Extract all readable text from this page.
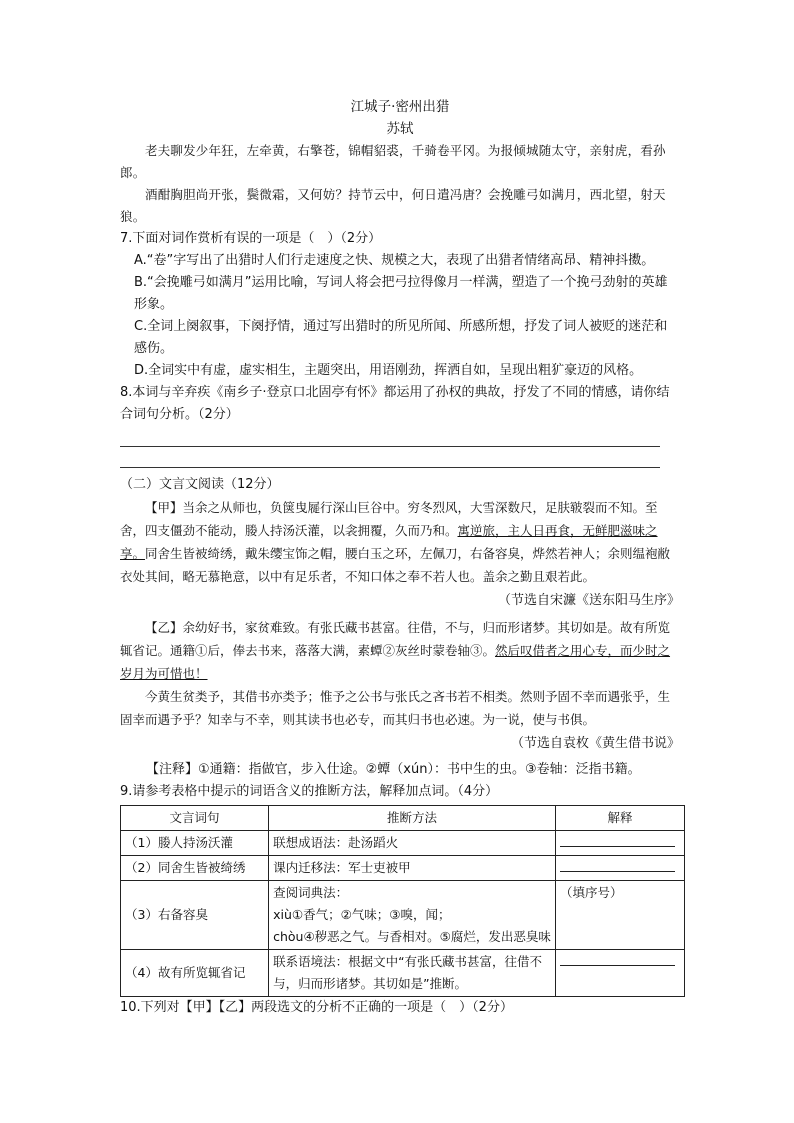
江城子·密州出猎
苏轼

老夫聊发少年狂，左牵黄，右擎苍，锦帽貂裘，千骑卷平冈。为报倾城随太守，亲射虎，看孙郎。

酒酣胸胆尚开张，鬓微霜，又何妨？持节云中，何日遣冯唐？会挽雕弓如满月，西北望，射天狼。

7.下面对词作赏析有误的一项是（　）（2分）

A.“卷”字写出了出猎时人们行走速度之快、规模之大，表现了出猎者情绪高昂、精神抖擞。

B.“会挽雕弓如满月”运用比喻，写词人将会把弓拉得像月一样满，塑造了一个挽弓劲射的英雄形象。

C.全词上阕叙事，下阕抒情，通过写出猎时的所见所闻、所感所想，抒发了词人被贬的迷茫和感伤。

D.全词实中有虚，虚实相生，主题突出，用语刚劲，挥洒自如，呈现出粗犷豪迈的风格。

8.本词与辛弃疾《南乡子·登京口北固亭有怀》都运用了孙权的典故，抒发了不同的情感，请你结合词句分析。（2分）

（二）文言文阅读（12分）

【甲】当余之从师也，负箧曳屣行深山巨谷中。穷冬烈风，大雪深数尺，足肤皲裂而不知。至舍，四支僵劲不能动，媵人持汤沃灌，以衾拥覆，久而乃和。寓逆旅，主人日再食，无鲜肥滋味之享。同舍生皆被绮绣，戴朱缨宝饰之帽，腰白玉之环，左佩刀，右备容臭，烨然若神人；余则缊袍敝衣处其间，略无慕艳意，以中有足乐者，不知口体之奉不若人也。盖余之勤且艰若此。

（节选自宋濂《送东阳马生序》

【乙】余幼好书，家贫难致。有张氏藏书甚富。往借，不与，归而形诸梦。其切如是。故有所览辄省记。通籍①后，俸去书来，落落大满，素蟫②灰丝时蒙卷轴③。然后叹借者之用心专，而少时之岁月为可惜也！

今黄生贫类予，其借书亦类予；惟予之公书与张氏之吝书若不相类。然则予固不幸而遇张乎，生固幸而遇予乎？知幸与不幸，则其读书也必专，而其归书也必速。为一说，使与书俱。

（节选自袁枚《黄生借书说》

【注释】①通籍：指做官，步入仕途。②蟫（xún）：书中生的虫。③卷轴：泛指书籍。

9.请参考表格中提示的词语含义的推断方法，解释加点词。（4分）

文言词句	推断方法	解释
（1）媵人持汤沃灌	联想成语法：赴汤蹈火	
（2）同舍生皆被绮绣	课内迁移法：军士吏被甲	
（3）右备容臭	查阅词典法：
xiù①香气；②气味；③嗅，闻；
chòu④秽恶之气。与香相对。⑤腐烂，发出恶臭味	（填序号）
（4）故有所览辄省记	联系语境法：根据文中“有张氏藏书甚富，往借不与，归而形诸梦。其切如是”推断。	

10.下列对【甲】【乙】两段选文的分析不正确的一项是（　）（2分）
